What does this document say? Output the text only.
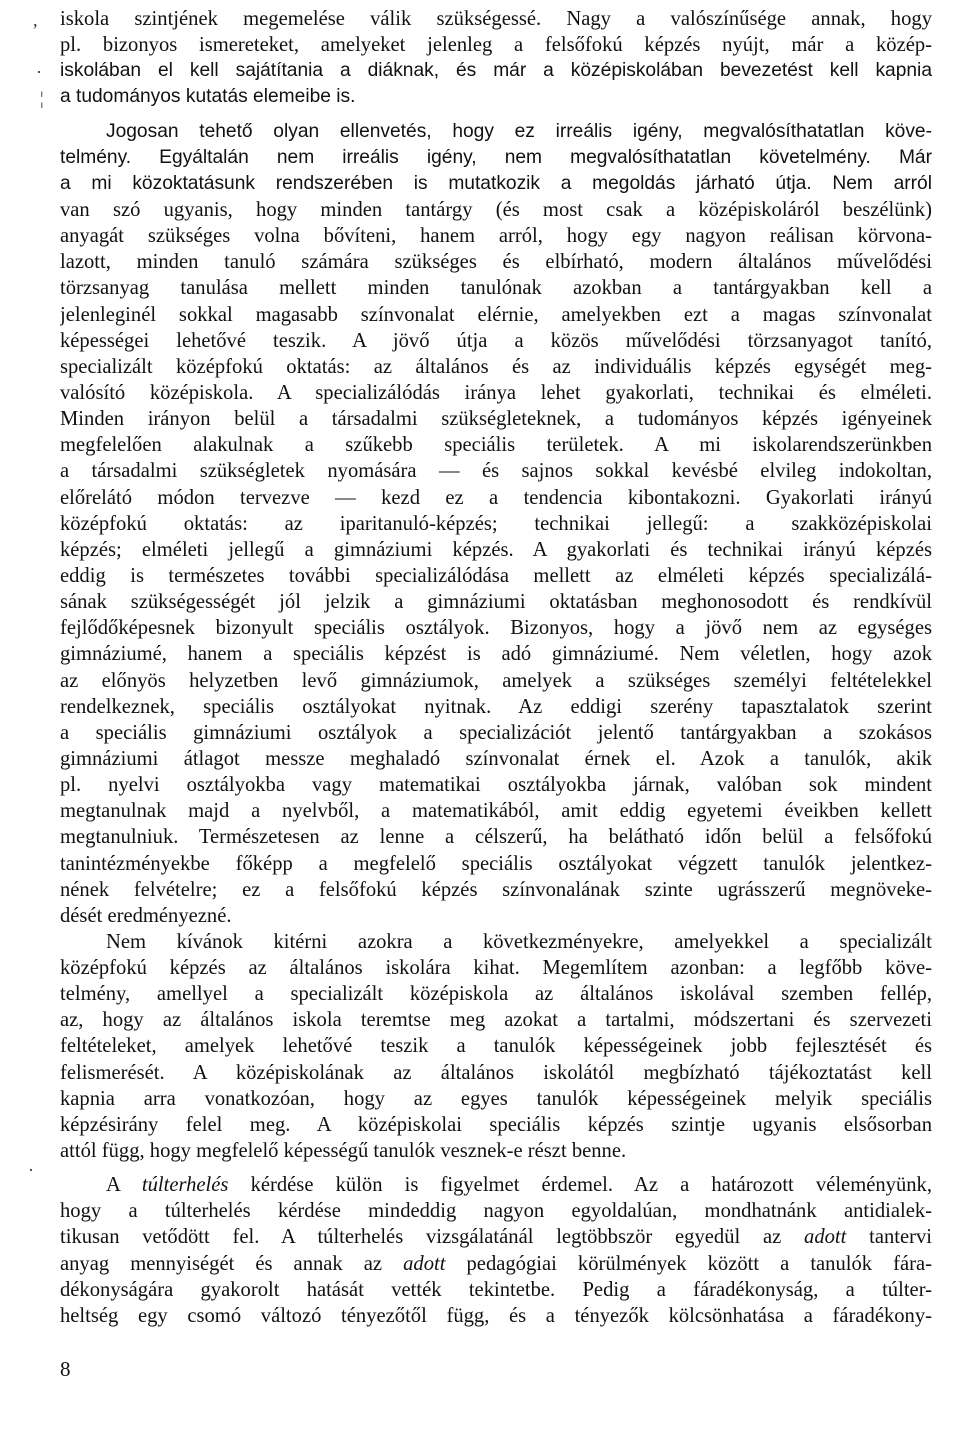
iskola szintjének megemelése válik szükségessé. Nagy a valószínűsége annak, hogy
pl. bizonyos ismereteket, amelyeket jelenleg a felsőfokú képzés nyújt, már a közép-
iskolában el kell sajátítania a diáknak, és már a középiskolában bevezetést kell kapnia
a tudományos kutatás elemeibe is.
Jogosan tehető olyan ellenvetés, hogy ez irreális igény, megvalósíthatatlan köve-
telmény. Egyáltalán nem irreális igény, nem megvalósíthatatlan követelmény. Már
a mi közoktatásunk rendszerében is mutatkozik a megoldás járható útja. Nem arról
van szó ugyanis, hogy minden tantárgy (és most csak a középiskoláról beszélünk)
anyagát szükséges volna bővíteni, hanem arról, hogy egy nagyon reálisan körvona-
lazott, minden tanuló számára szükséges és elbírható, modern általános művelődési
törzsanyag tanulása mellett minden tanulónak azokban a tantárgyakban kell a
jelenleginél sokkal magasabb színvonalat elérnie, amelyekben ezt a magas színvonalat
képességei lehetővé teszik. A jövő útja a közös művelődési törzsanyagot tanító,
specializált középfokú oktatás: az általános és az individuális képzés egységét meg-
valósító középiskola. A specializálódás iránya lehet gyakorlati, technikai és elméleti.
Minden irányon belül a társadalmi szükségleteknek, a tudományos képzés igényeinek
megfelelően alakulnak a szűkebb speciális területek. A mi iskolarendszerünkben
a társadalmi szükségletek nyomására — és sajnos sokkal kevésbé elvileg indokoltan,
előrelátó módon tervezve — kezd ez a tendencia kibontakozni. Gyakorlati irányú
középfokú oktatás: az iparitanuló-képzés; technikai jellegű: a szakközépiskolai
képzés; elméleti jellegű a gimnáziumi képzés. A gyakorlati és technikai irányú képzés
eddig is természetes további specializálódása mellett az elméleti képzés specializálá-
sának szükségességét jól jelzik a gimnáziumi oktatásban meghonosodott és rendkívül
fejlődőképesnek bizonyult speciális osztályok. Bizonyos, hogy a jövő nem az egységes
gimnáziumé, hanem a speciális képzést is adó gimnáziumé. Nem véletlen, hogy azok
az előnyös helyzetben levő gimnáziumok, amelyek a szükséges személyi feltételekkel
rendelkeznek, speciális osztályokat nyitnak. Az eddigi szerény tapasztalatok szerint
a speciális gimnáziumi osztályok a specializációt jelentő tantárgyakban a szokásos
gimnáziumi átlagot messze meghaladó színvonalat érnek el. Azok a tanulók, akik
pl. nyelvi osztályokba vagy matematikai osztályokba járnak, valóban sok mindent
megtanulnak majd a nyelvből, a matematikából, amit eddig egyetemi éveikben kellett
megtanulniuk. Természetesen az lenne a célszerű, ha belátható időn belül a felsőfokú
tanintézményekbe főképp a megfelelő speciális osztályokat végzett tanulók jelentkez-
nének felvételre; ez a felsőfokú képzés színvonalának szinte ugrásszerű megnöveke-
dését eredményezné.
Nem kívánok kitérni azokra a következményekre, amelyekkel a specializált
középfokú képzés az általános iskolára kihat. Megemlítem azonban: a legfőbb köve-
telmény, amellyel a specializált középiskola az általános iskolával szemben fellép,
az, hogy az általános iskola teremtse meg azokat a tartalmi, módszertani és szervezeti
feltételeket, amelyek lehetővé teszik a tanulók képességeinek jobb fejlesztését és
felismerését. A középiskolának az általános iskolától megbízható tájékoztatást kell
kapnia arra vonatkozóan, hogy az egyes tanulók képességeinek melyik speciális
képzésirány felel meg. A középiskolai speciális képzés szintje ugyanis elsősorban
attól függ, hogy megfelelő képességű tanulók vesznek-e részt benne.
A túlterhelés kérdése külön is figyelmet érdemel. Az a határozott véleményünk,
hogy a túlterhelés kérdése mindeddig nagyon egyoldalúan, mondhatnánk antidialek-
tikusan vetődött fel. A túlterhelés vizsgálatánál legtöbbször egyedül az adott tantervi
anyag mennyiségét és annak az adott pedagógiai körülmények között a tanulók fára-
dékonyságára gyakorolt hatását vették tekintetbe. Pedig a fáradékonyság, a túlter-
heltség egy csomó változó tényezőtől függ, és a tényezők kölcsönhatása a fáradékony-
8
,
·
¦
·
